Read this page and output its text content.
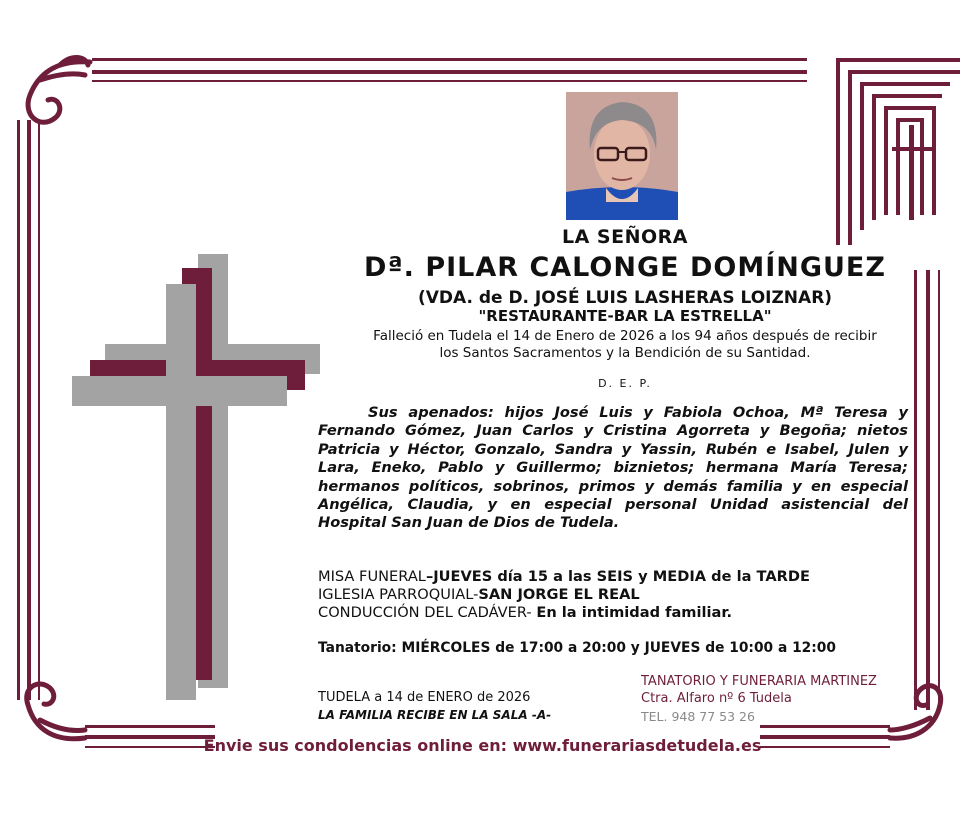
LA SEÑORA
Dª. PILAR CALONGE DOMÍNGUEZ
(VDA. de D. JOSÉ LUIS LASHERAS LOIZNAR)
"RESTAURANTE-BAR LA ESTRELLA"
Falleció en Tudela el 14 de Enero de 2026 a los 94 años después de recibir
los Santos Sacramentos y la Bendición de su Santidad.
D. E. P.
Sus apenados: hijos José Luis y Fabiola Ochoa, Mª Teresa y Fernando Gómez, Juan Carlos y Cristina Agorreta y Begoña; nietos Patricia y Héctor, Gonzalo, Sandra y Yassin, Rubén e Isabel, Julen y Lara, Eneko, Pablo y Guillermo; biznietos; hermana María Teresa; hermanos políticos, sobrinos, primos y demás familia y en especial Angélica, Claudia, y en especial personal Unidad asistencial del Hospital San Juan de Dios de Tudela.
MISA FUNERAL–JUEVES día 15 a las SEIS y MEDIA de la TARDE
IGLESIA PARROQUIAL-SAN JORGE EL REAL
CONDUCCIÓN DEL CADÁVER- En la intimidad familiar.
Tanatorio: MIÉRCOLES de 17:00 a 20:00 y JUEVES de 10:00 a 12:00
TUDELA a 14 de ENERO de 2026
LA FAMILIA RECIBE EN LA SALA -A-
TANATORIO Y FUNERARIA MARTINEZ
Ctra. Alfaro nº 6 Tudela
TEL. 948 77 53 26
Envie sus condolencias online en: www.funerariasdetudela.es
